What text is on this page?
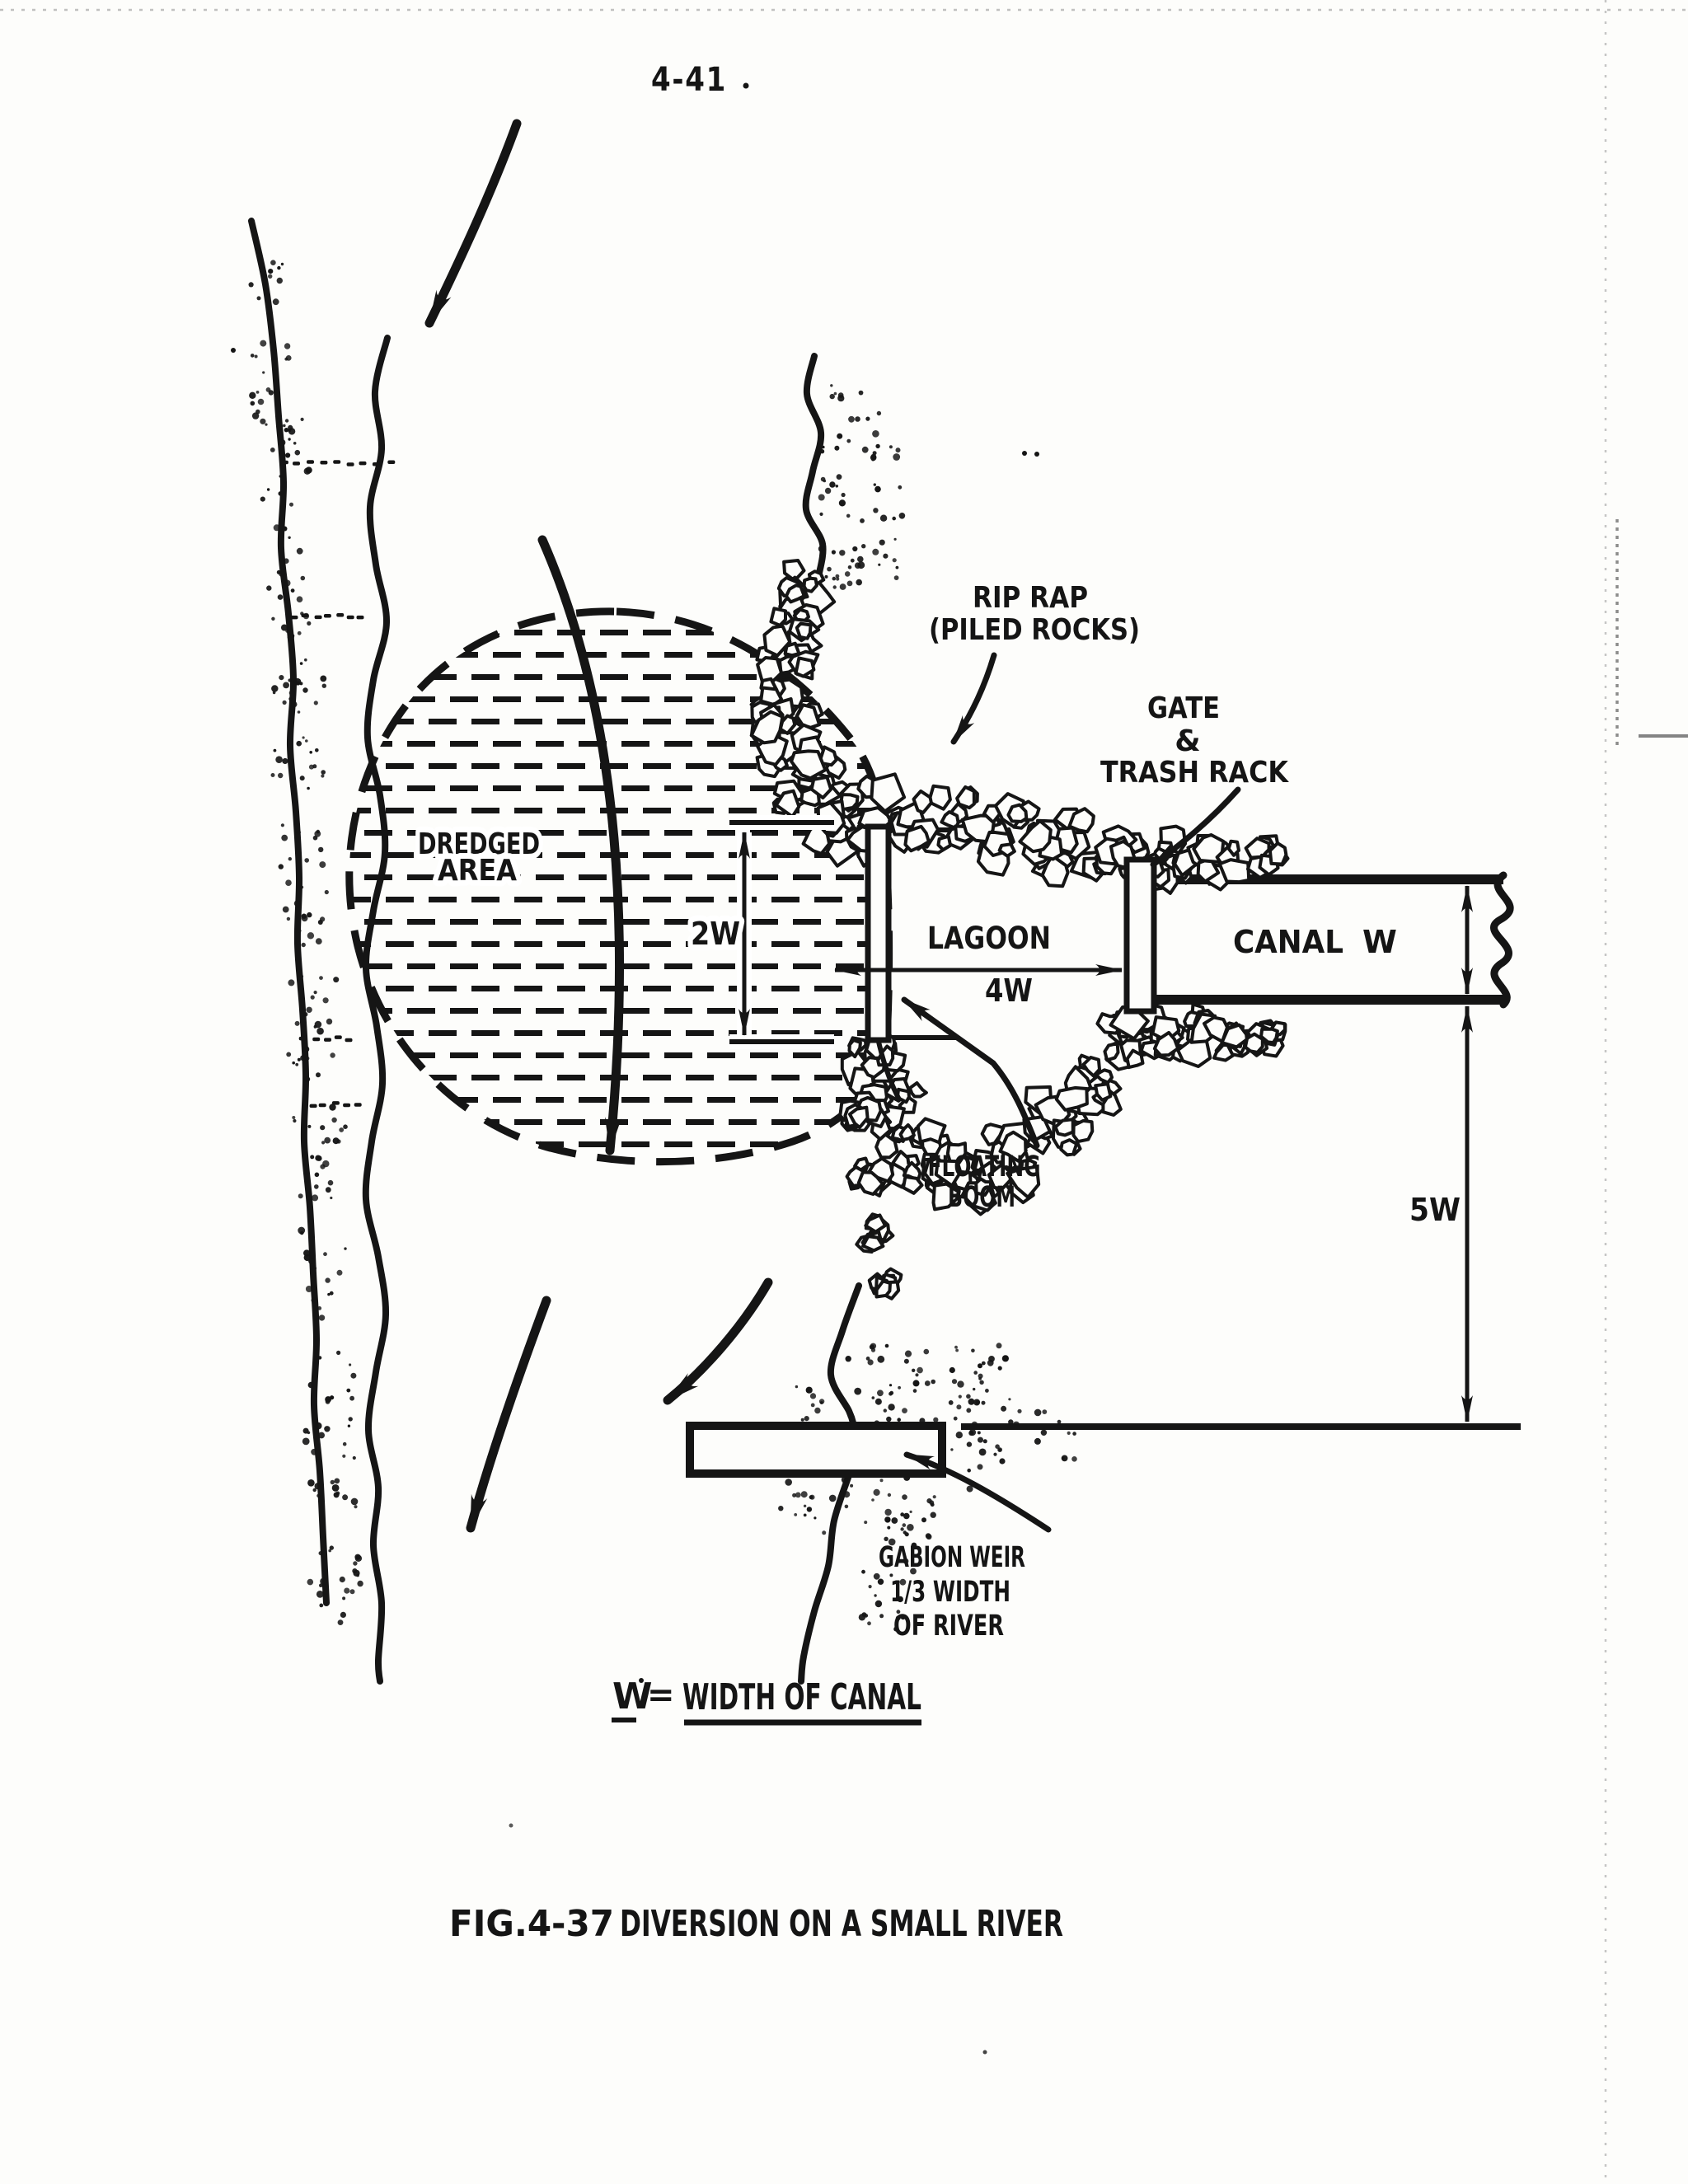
4-41
RIP RAP
(PILED ROCKS)
GATE
&
TRASH RACK
DREDGED
AREA
LAGOON
4W
CANAL W
5W
2W
FLOATING
BOOM
GABION WEIR
1/3 WIDTH
OF RIVER
W
= WIDTH OF CANAL
FIG.4-37 DIVERSION ON A SMALL RIVER
